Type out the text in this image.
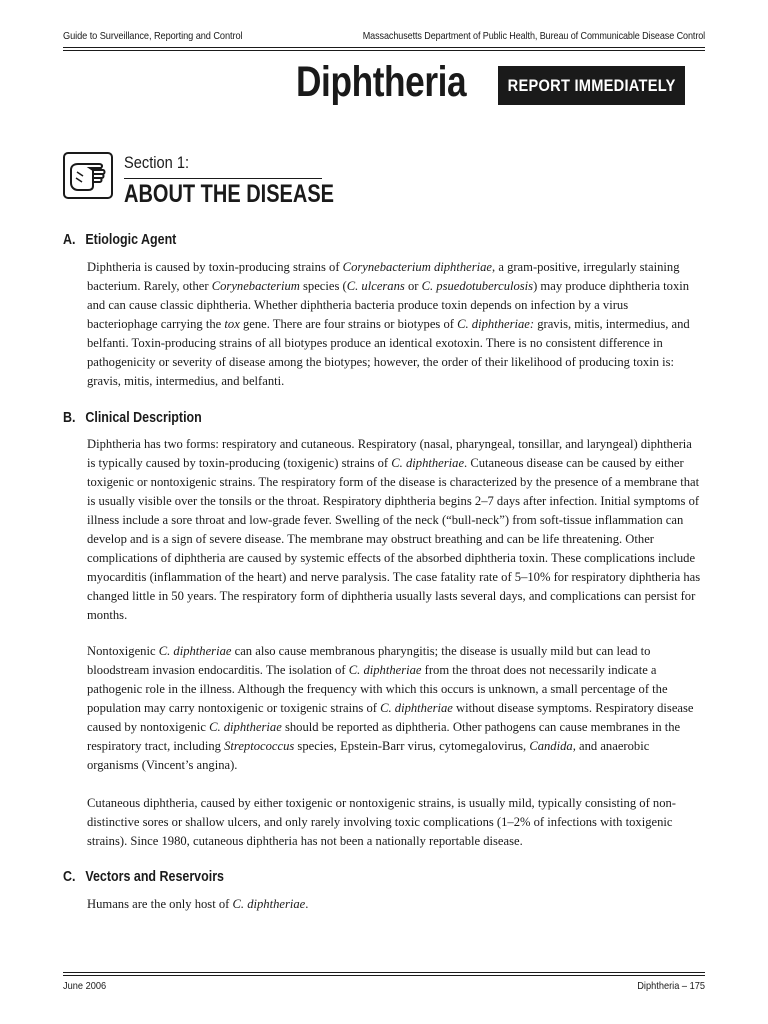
Guide to Surveillance, Reporting and Control	Massachusetts Department of Public Health, Bureau of Communicable Disease Control
Diphtheria REPORT IMMEDIATELY
Section 1:
ABOUT THE DISEASE
A. Etiologic Agent
Diphtheria is caused by toxin-producing strains of Corynebacterium diphtheriae, a gram-positive, irregularly staining bacterium. Rarely, other Corynebacterium species (C. ulcerans or C. psuedotuberculosis) may produce diphtheria toxin and can cause classic diphtheria. Whether diphtheria bacteria produce toxin depends on infection by a virus bacteriophage carrying the tox gene. There are four strains or biotypes of C. diphtheriae: gravis, mitis, intermedius, and belfanti. Toxin-producing strains of all biotypes produce an identical exotoxin. There is no consistent difference in pathogenicity or severity of disease among the biotypes; however, the order of their likelihood of producing toxin is: gravis, mitis, intermedius, and belfanti.
B. Clinical Description
Diphtheria has two forms: respiratory and cutaneous. Respiratory (nasal, pharyngeal, tonsillar, and laryngeal) diphtheria is typically caused by toxin-producing (toxigenic) strains of C. diphtheriae. Cutaneous disease can be caused by either toxigenic or nontoxigenic strains. The respiratory form of the disease is characterized by the presence of a membrane that is usually visible over the tonsils or the throat. Respiratory diphtheria begins 2–7 days after infection. Initial symptoms of illness include a sore throat and low-grade fever. Swelling of the neck (“bull-neck”) from soft-tissue inflammation can develop and is a sign of severe disease. The membrane may obstruct breathing and can be life threatening. Other complications of diphtheria are caused by systemic effects of the absorbed diphtheria toxin. These complications include myocarditis (inflammation of the heart) and nerve paralysis. The case fatality rate of 5–10% for respiratory diphtheria has changed little in 50 years. The respiratory form of diphtheria usually lasts several days, and complications can persist for months.
Nontoxigenic C. diphtheriae can also cause membranous pharyngitis; the disease is usually mild but can lead to bloodstream invasion endocarditis. The isolation of C. diphtheriae from the throat does not necessarily indicate a pathogenic role in the illness. Although the frequency with which this occurs is unknown, a small percentage of the population may carry nontoxigenic or toxigenic strains of C. diphtheriae without disease symptoms. Respiratory disease caused by nontoxigenic C. diphtheriae should be reported as diphtheria. Other pathogens can cause membranes in the respiratory tract, including Streptococcus species, Epstein-Barr virus, cytomegalovirus, Candida, and anaerobic organisms (Vincent’s angina).
Cutaneous diphtheria, caused by either toxigenic or nontoxigenic strains, is usually mild, typically consisting of non-distinctive sores or shallow ulcers, and only rarely involving toxic complications (1–2% of infections with toxigenic strains). Since 1980, cutaneous diphtheria has not been a nationally reportable disease.
C. Vectors and Reservoirs
Humans are the only host of C. diphtheriae.
June 2006	Diphtheria – 175
